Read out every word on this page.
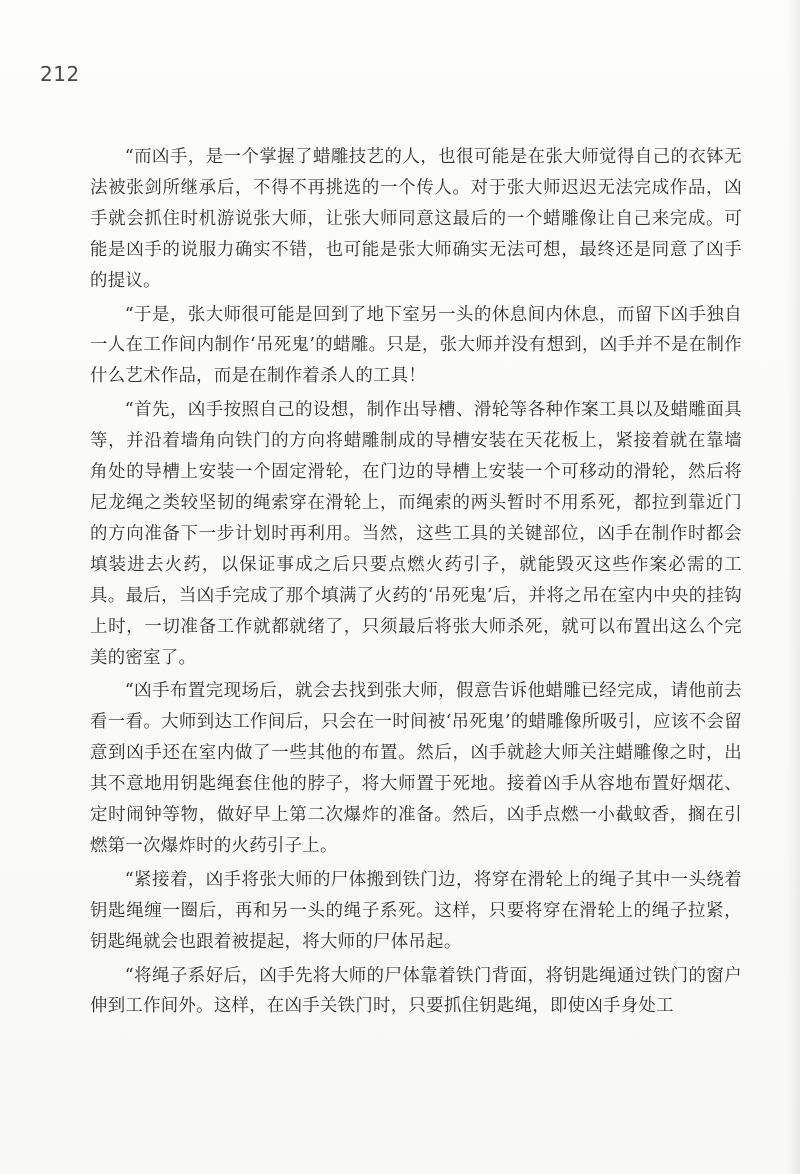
212

“而凶手，是一个掌握了蜡雕技艺的人，也很可能是在张大师觉得自己的衣钵无法被张剑所继承后，不得不再挑选的一个传人。对于张大师迟迟无法完成作品，凶手就会抓住时机游说张大师，让张大师同意这最后的一个蜡雕像让自己来完成。可能是凶手的说服力确实不错，也可能是张大师确实无法可想，最终还是同意了凶手的提议。

“于是，张大师很可能是回到了地下室另一头的休息间内休息，而留下凶手独自一人在工作间内制作‘吊死鬼’的蜡雕。只是，张大师并没有想到，凶手并不是在制作什么艺术作品，而是在制作着杀人的工具！

“首先，凶手按照自己的设想，制作出导槽、滑轮等各种作案工具以及蜡雕面具等，并沿着墙角向铁门的方向将蜡雕制成的导槽安装在天花板上，紧接着就在靠墙角处的导槽上安装一个固定滑轮，在门边的导槽上安装一个可移动的滑轮，然后将尼龙绳之类较坚韧的绳索穿在滑轮上，而绳索的两头暂时不用系死，都拉到靠近门的方向准备下一步计划时再利用。当然，这些工具的关键部位，凶手在制作时都会填装进去火药，以保证事成之后只要点燃火药引子，就能毁灭这些作案必需的工具。最后，当凶手完成了那个填满了火药的‘吊死鬼’后，并将之吊在室内中央的挂钩上时，一切准备工作就都就绪了，只须最后将张大师杀死，就可以布置出这么个完美的密室了。

“凶手布置完现场后，就会去找到张大师，假意告诉他蜡雕已经完成，请他前去看一看。大师到达工作间后，只会在一时间被‘吊死鬼’的蜡雕像所吸引，应该不会留意到凶手还在室内做了一些其他的布置。然后，凶手就趁大师关注蜡雕像之时，出其不意地用钥匙绳套住他的脖子，将大师置于死地。接着凶手从容地布置好烟花、定时闹钟等物，做好早上第二次爆炸的准备。然后，凶手点燃一小截蚊香，搁在引燃第一次爆炸时的火药引子上。

“紧接着，凶手将张大师的尸体搬到铁门边，将穿在滑轮上的绳子其中一头绕着钥匙绳缠一圈后，再和另一头的绳子系死。这样，只要将穿在滑轮上的绳子拉紧，钥匙绳就会也跟着被提起，将大师的尸体吊起。

“将绳子系好后，凶手先将大师的尸体靠着铁门背面，将钥匙绳通过铁门的窗户伸到工作间外。这样，在凶手关铁门时，只要抓住钥匙绳，即使凶手身处工
